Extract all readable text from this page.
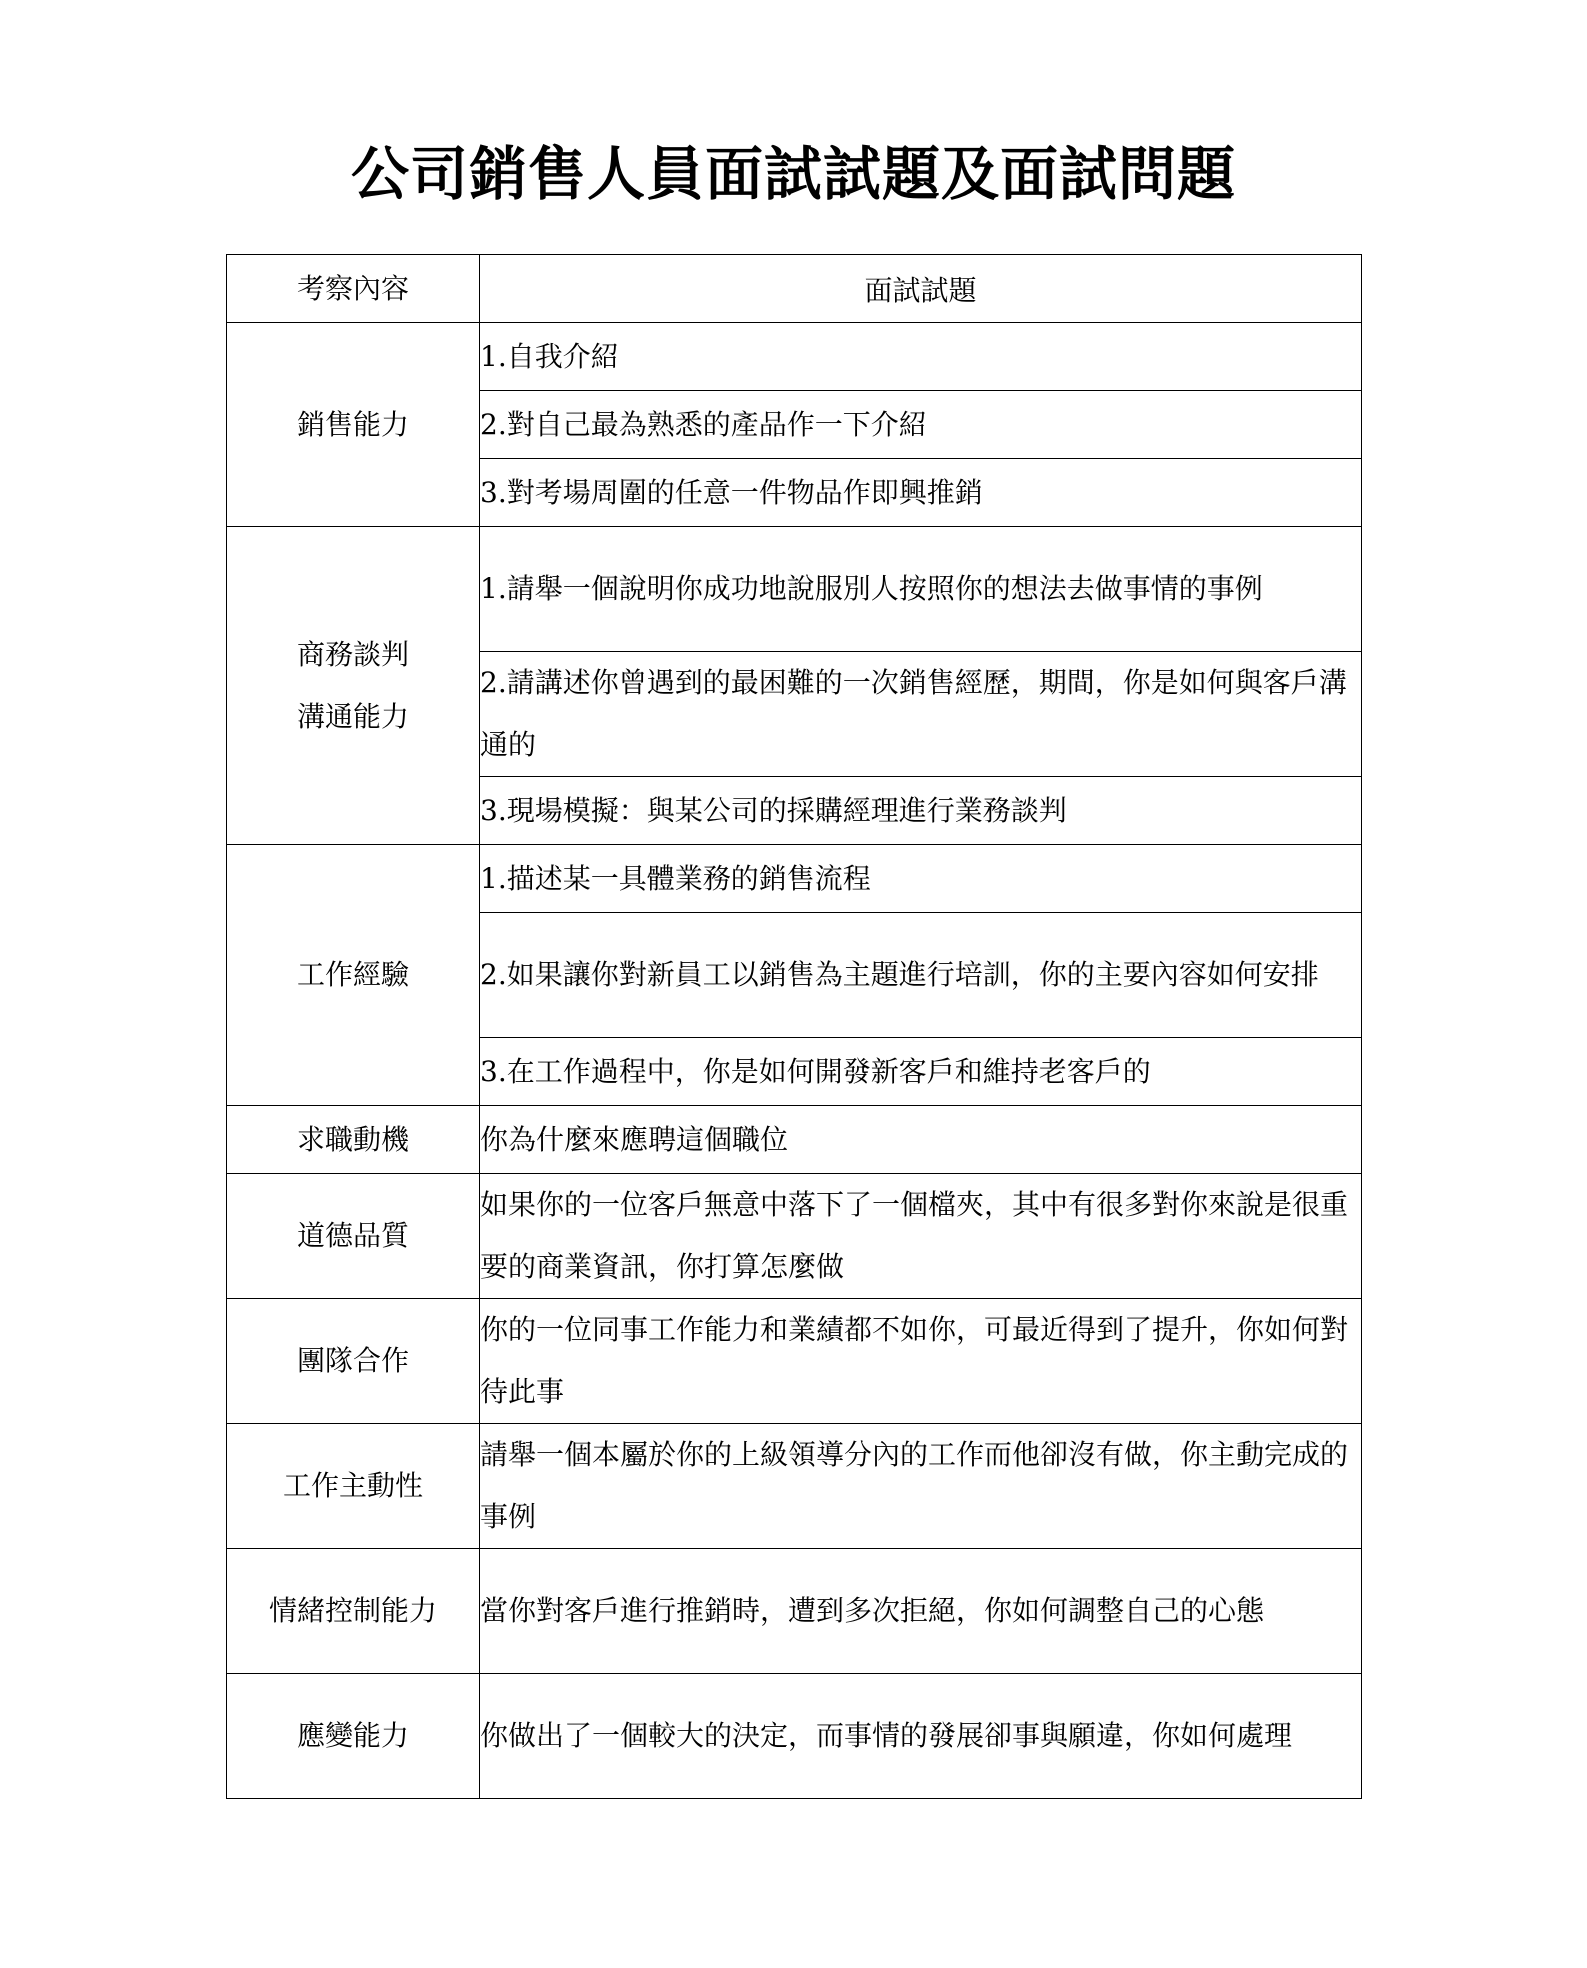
公司銷售人員面試試題及面試問題
考察內容	面試試題

銷售能力	1.自我介紹
	2.對自己最為熟悉的產品作一下介紹
	3.對考場周圍的任意一件物品作即興推銷

商務談判
溝通能力	1.請舉一個說明你成功地說服別人按照你的想法去做事情的事例
	2.請講述你曾遇到的最困難的一次銷售經歷，期間，你是如何與客戶溝通的
	3.現場模擬：與某公司的採購經理進行業務談判

工作經驗	1.描述某一具體業務的銷售流程
	2.如果讓你對新員工以銷售為主題進行培訓，你的主要內容如何安排
	3.在工作過程中，你是如何開發新客戶和維持老客戶的

求職動機	你為什麼來應聘這個職位

道德品質	如果你的一位客戶無意中落下了一個檔夾，其中有很多對你來說是很重要的商業資訊，你打算怎麼做

團隊合作	你的一位同事工作能力和業績都不如你，可最近得到了提升，你如何對待此事

工作主動性	請舉一個本屬於你的上級領導分內的工作而他卻沒有做，你主動完成的事例

情緒控制能力	當你對客戶進行推銷時，遭到多次拒絕，你如何調整自己的心態

應變能力	你做出了一個較大的決定，而事情的發展卻事與願違，你如何處理
